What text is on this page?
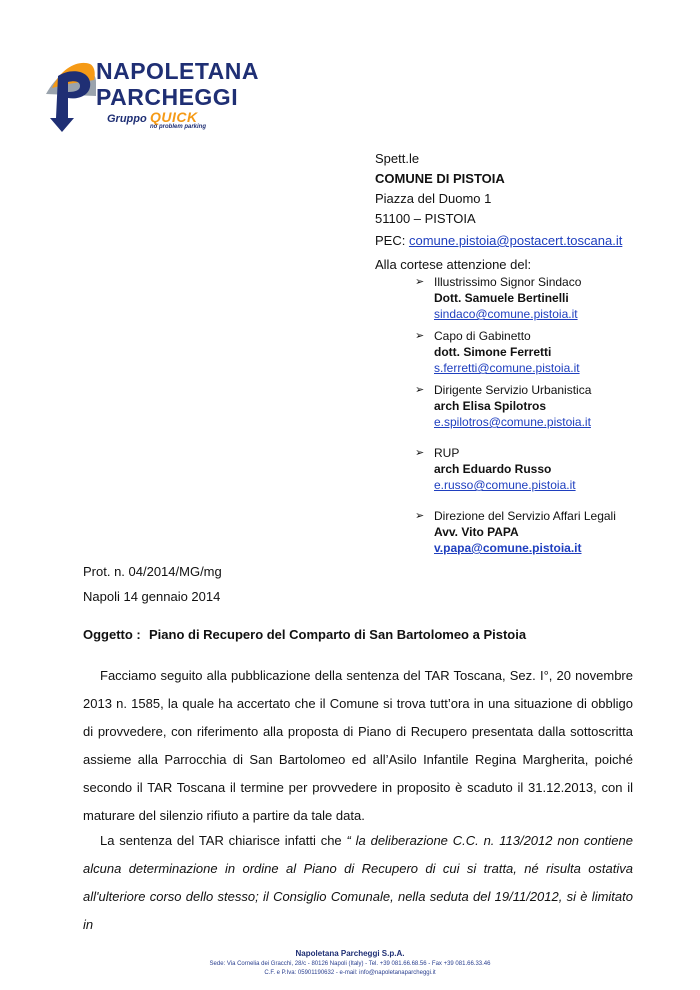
NAPOLETANA
PARCHEGGI
Gruppo QUICK
no problem parking
Spett.le
COMUNE DI PISTOIA
Piazza del Duomo 1
51100 – PISTOIA
PEC: comune.pistoia@postacert.toscana.it
Alla cortese attenzione del:
➢ Illustrissimo Signor Sindaco
Dott. Samuele Bertinelli
sindaco@comune.pistoia.it
➢ Capo di Gabinetto
dott. Simone Ferretti
s.ferretti@comune.pistoia.it
➢ Dirigente Servizio Urbanistica
arch Elisa Spilotros
e.spilotros@comune.pistoia.it
➢ RUP
arch Eduardo Russo
e.russo@comune.pistoia.it
➢ Direzione del Servizio Affari Legali
Avv. Vito PAPA
v.papa@comune.pistoia.it
Prot. n. 04/2014/MG/mg
Napoli 14 gennaio 2014
Oggetto : Piano di Recupero del Comparto di San Bartolomeo a Pistoia

Facciamo seguito alla pubblicazione della sentenza del TAR Toscana, Sez. I°, 20 novembre 2013 n. 1585, la quale ha accertato che il Comune si trova tutt’ora in una situazione di obbligo di provvedere, con riferimento alla proposta di Piano di Recupero presentata dalla sottoscritta assieme alla Parrocchia di San Bartolomeo ed all’Asilo Infantile Regina Margherita, poiché secondo il TAR Toscana il termine per provvedere in proposito è scaduto il 31.12.2013, con il maturare del silenzio rifiuto a partire da tale data.

La sentenza del TAR chiarisce infatti che “ la deliberazione C.C. n. 113/2012 non contiene alcuna determinazione in ordine al Piano di Recupero di cui si tratta, né risulta ostativa all'ulteriore corso dello stesso; il Consiglio Comunale, nella seduta del 19/11/2012, si è limitato in

Napoletana Parcheggi S.p.A.
Sede: Via Cornelia dei Gracchi, 28/c - 80126 Napoli (Italy) - Tel. +39 081.66.68.56 - Fax +39 081.66.33.46
C.F. e P.Iva: 05901190632 - e-mail: info@napoletanaparcheggi.it
